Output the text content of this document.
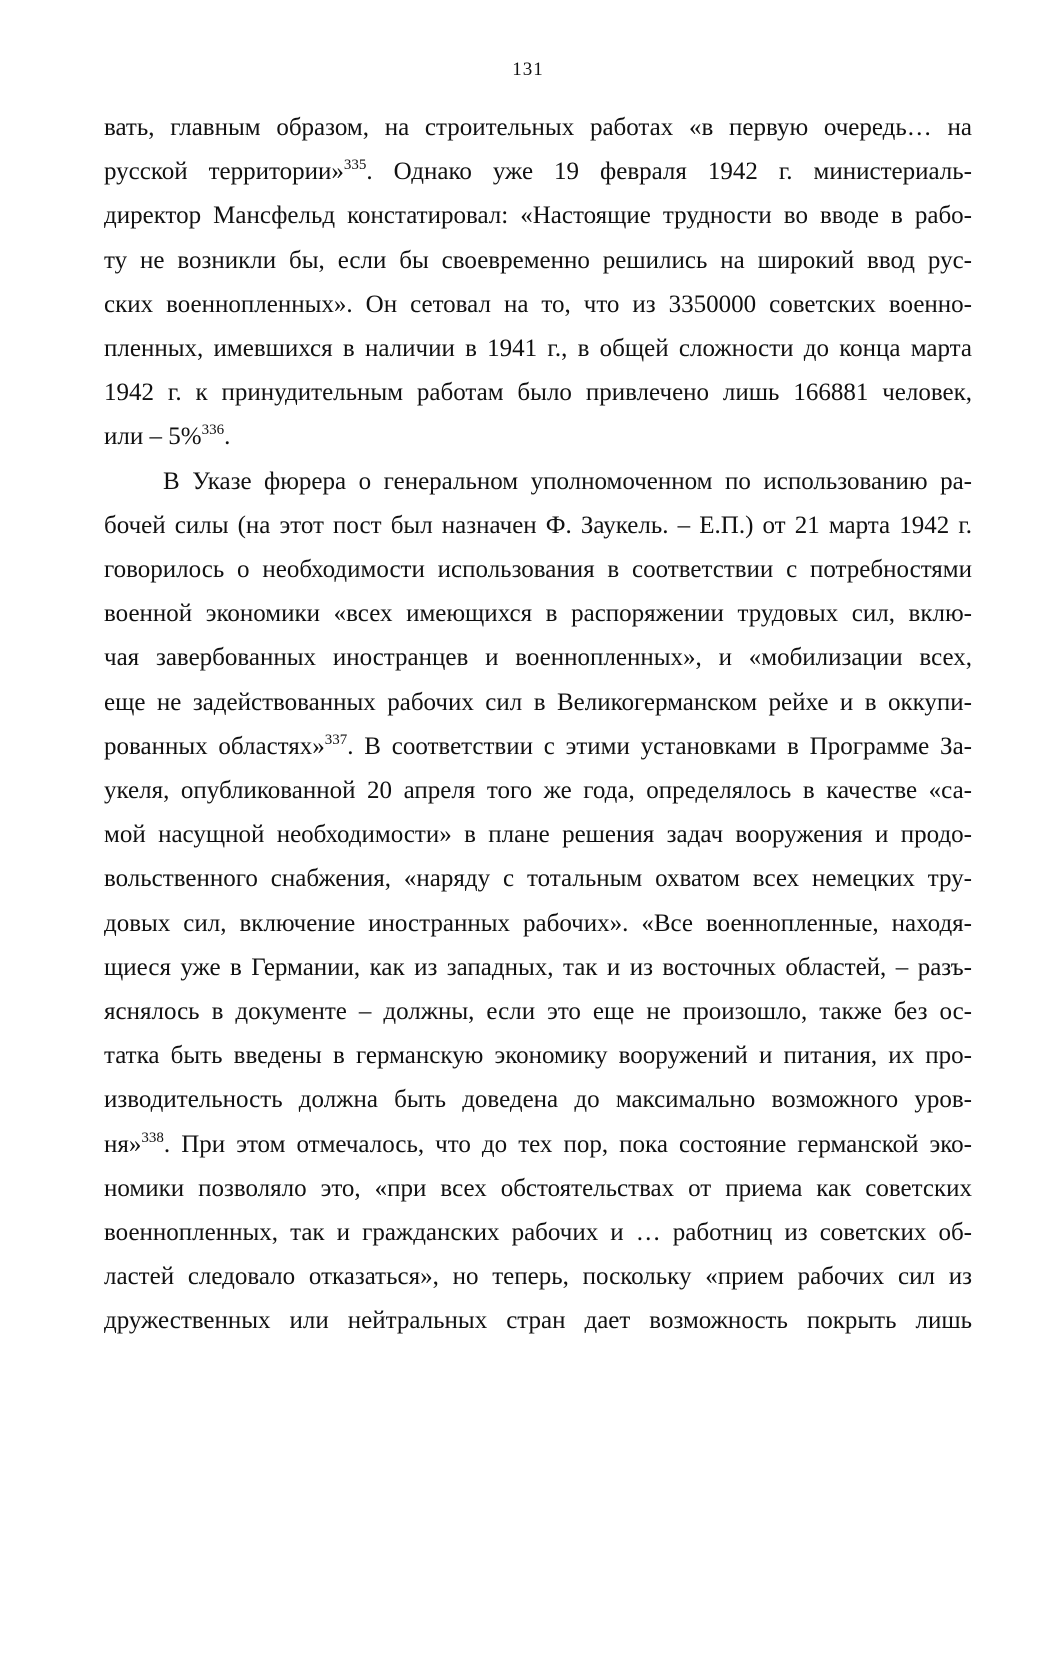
131
вать, главным образом, на строительных работах «в первую очередь… на
русской территории»$^{335}$. Однако уже 19 февраля 1942 г. министериаль-
директор Мансфельд констатировал: «Настоящие трудности во вводе в рабо-
ту не возникли бы, если бы своевременно решились на широкий ввод рус-
ских военнопленных». Он сетовал на то, что из 3350000 советских военно-
пленных, имевшихся в наличии в 1941 г., в общей сложности до конца марта
1942 г. к принудительным работам было привлечено лишь 166881 человек,
или – 5%$^{336}$.
В Указе фюрера о генеральном уполномоченном по использованию ра-
бочей силы (на этот пост был назначен Ф. Заукель. – Е.П.) от 21 марта 1942 г.
говорилось о необходимости использования в соответствии с потребностями
военной экономики «всех имеющихся в распоряжении трудовых сил, вклю-
чая завербованных иностранцев и военнопленных», и «мобилизации всех,
еще не задействованных рабочих сил в Великогерманском рейхе и в оккупи-
рованных областях»$^{337}$. В соответствии с этими установками в Программе За-
укеля, опубликованной 20 апреля того же года, определялось в качестве «са-
мой насущной необходимости» в плане решения задач вооружения и продо-
вольственного снабжения, «наряду с тотальным охватом всех немецких тру-
довых сил, включение иностранных рабочих». «Все военнопленные, находя-
щиеся уже в Германии, как из западных, так и из восточных областей, – разъ-
яснялось в документе – должны, если это еще не произошло, также без ос-
татка быть введены в германскую экономику вооружений и питания, их про-
изводительность должна быть доведена до максимально возможного уров-
ня»$^{338}$. При этом отмечалось, что до тех пор, пока состояние германской эко-
номики позволяло это, «при всех обстоятельствах от приема как советских
военнопленных, так и гражданских рабочих и … работниц из советских об-
ластей следовало отказаться», но теперь, поскольку «прием рабочих сил из
дружественных или нейтральных стран дает возможность покрыть лишь
